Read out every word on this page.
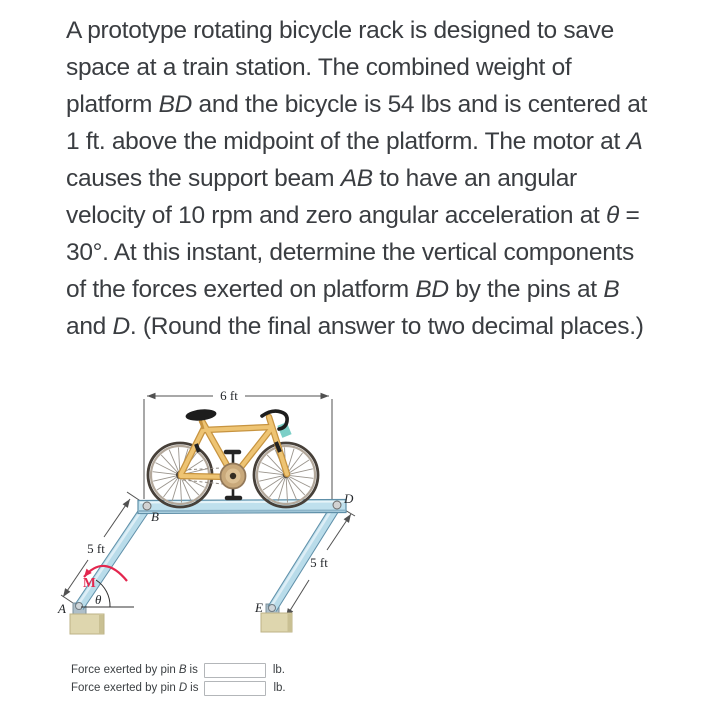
A prototype rotating bicycle rack is designed to save
space at a train station. The combined weight of
platform BD and the bicycle is 54 lbs and is centered at
1 ft. above the midpoint of the platform. The motor at A
causes the support beam AB to have an angular
velocity of 10 rpm and zero angular acceleration at θ =
30°. At this instant, determine the vertical components
of the forces exerted on platform BD by the pins at B
and D. (Round the final answer to two decimal places.)
6 ft
5 ft
5 ft
B
D
A	E
M
θ
Force exerted by pin B is	lb.
Force exerted by pin D is	lb.
